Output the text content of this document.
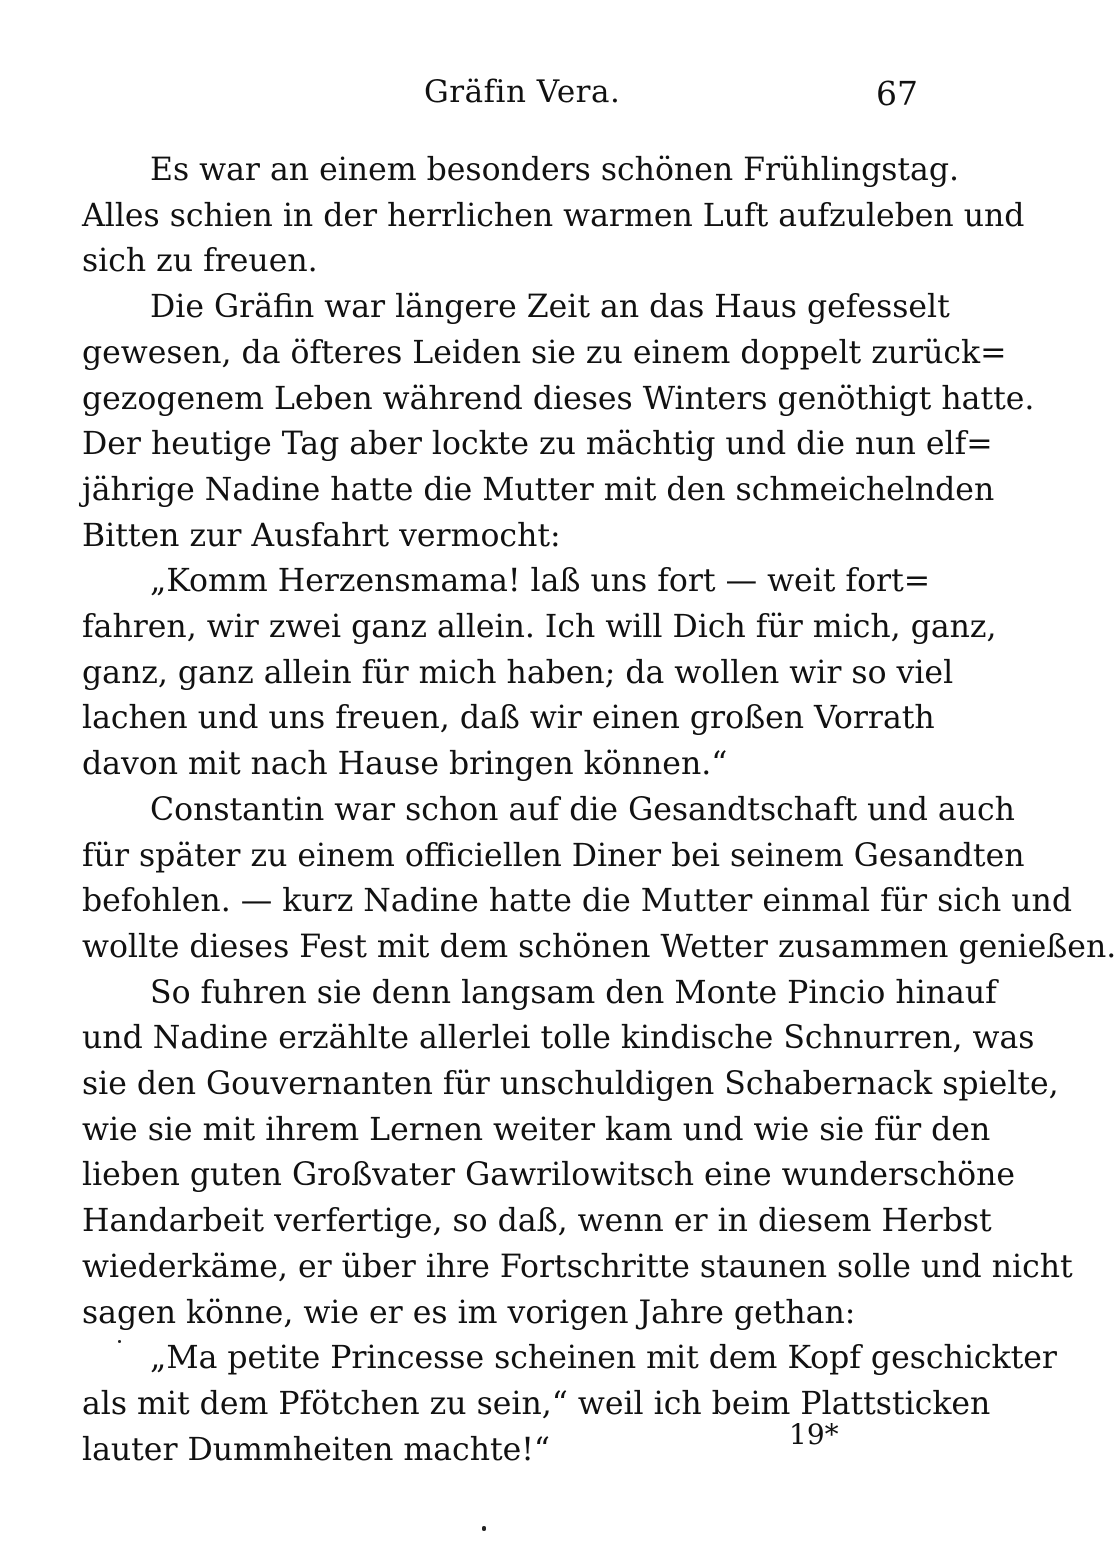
Gräfin Vera.	67

Es war an einem besonders schönen Frühlingstag.
Alles schien in der herrlichen warmen Luft aufzuleben und
sich zu freuen.

Die Gräfin war längere Zeit an das Haus gefesselt
gewesen, da öfteres Leiden sie zu einem doppelt zurück=
gezogenem Leben während dieses Winters genöthigt hatte.
Der heutige Tag aber lockte zu mächtig und die nun elf=
jährige Nadine hatte die Mutter mit den schmeichelnden
Bitten zur Ausfahrt vermocht:

„Komm Herzensmama! laß uns fort — weit fort=
fahren, wir zwei ganz allein. Ich will Dich für mich, ganz,
ganz, ganz allein für mich haben; da wollen wir so viel
lachen und uns freuen, daß wir einen großen Vorrath
davon mit nach Hause bringen können.“

Constantin war schon auf die Gesandtschaft und auch
für später zu einem officiellen Diner bei seinem Gesandten
befohlen. — kurz Nadine hatte die Mutter einmal für sich und
wollte dieses Fest mit dem schönen Wetter zusammen genießen.

So fuhren sie denn langsam den Monte Pincio hinauf
und Nadine erzählte allerlei tolle kindische Schnurren, was
sie den Gouvernanten für unschuldigen Schabernack spielte,
wie sie mit ihrem Lernen weiter kam und wie sie für den
lieben guten Großvater Gawrilowitsch eine wunderschöne
Handarbeit verfertige, so daß, wenn er in diesem Herbst
wiederkäme, er über ihre Fortschritte staunen solle und nicht
sagen könne, wie er es im vorigen Jahre gethan:

„Ma petite Princesse scheinen mit dem Kopf geschickter
als mit dem Pfötchen zu sein,“ weil ich beim Plattsticken
lauter Dummheiten machte!“	19*
